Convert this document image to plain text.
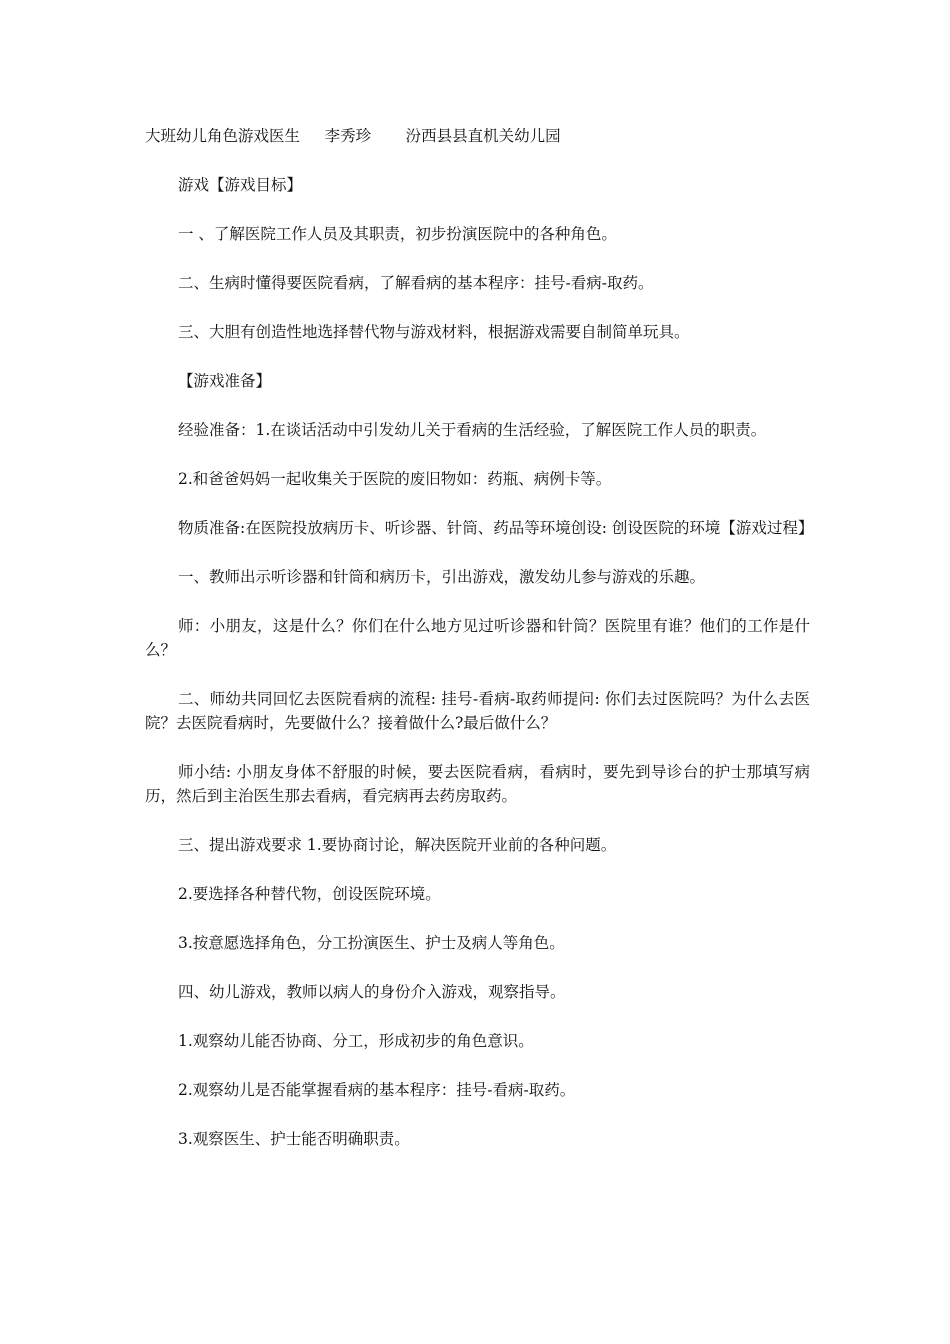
大班幼儿角色游戏医生 李秀珍 汾西县县直机关幼儿园

游戏【游戏目标】

一 、了解医院工作人员及其职责，初步扮演医院中的各种角色。

二、生病时懂得要医院看病，了解看病的基本程序：挂号-看病-取药。

三、大胆有创造性地选择替代物与游戏材料，根据游戏需要自制简单玩具。

【游戏准备】

经验准备：1.在谈话活动中引发幼儿关于看病的生活经验，了解医院工作人员的职责。

2.和爸爸妈妈一起收集关于医院的废旧物如：药瓶、病例卡等。

物质准备:在医院投放病历卡、听诊器、针筒、药品等环境创设: 创设医院的环境【游戏过程】

一、教师出示听诊器和针筒和病历卡，引出游戏，激发幼儿参与游戏的乐趣。

师：小朋友，这是什么？你们在什么地方见过听诊器和针筒？医院里有谁？他们的工作是什么？

二、师幼共同回忆去医院看病的流程: 挂号-看病-取药师提问: 你们去过医院吗？为什么去医院？去医院看病时，先要做什么？接着做什么?最后做什么？

师小结: 小朋友身体不舒服的时候，要去医院看病，看病时，要先到导诊台的护士那填写病历，然后到主治医生那去看病，看完病再去药房取药。

三、提出游戏要求 1.要协商讨论，解决医院开业前的各种问题。

2.要选择各种替代物，创设医院环境。

3.按意愿选择角色，分工扮演医生、护士及病人等角色。

四、幼儿游戏，教师以病人的身份介入游戏，观察指导。

1.观察幼儿能否协商、分工，形成初步的角色意识。

2.观察幼儿是否能掌握看病的基本程序：挂号-看病-取药。

3.观察医生、护士能否明确职责。
